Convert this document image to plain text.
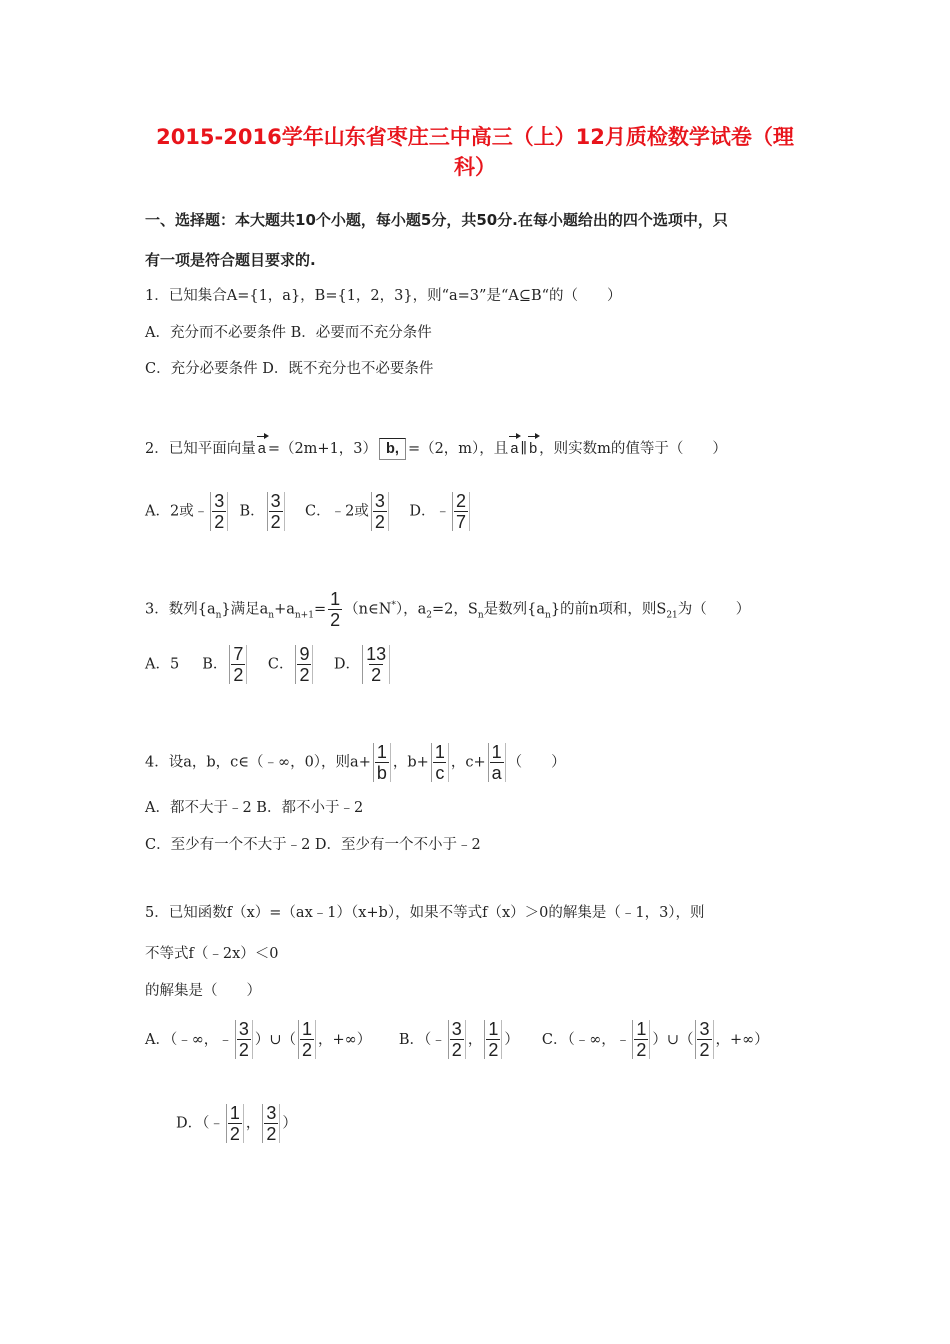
2015-2016学年山东省枣庄三中高三（上）12月质检数学试卷（理
科）
一、选择题：本大题共10个小题，每小题5分，共50分.在每小题给出的四个选项中，只
有一项是符合题目要求的.
1．已知集合A={1，a}，B={1，2，3}，则“a=3”是“A⊆B“的（　　）
A．充分而不必要条件 B．必要而不充分条件
C．充分必要条件 D．既不充分也不必要条件
2．已知平面向量 a =（2m+1，3） b, =（2，m），且 a ∥ b ，则实数m的值等于（　　）
A．2或﹣ $\frac{3}{2}$ B． $\frac{3}{2}$ C．﹣2或 $\frac{3}{2}$ D．﹣ $\frac{2}{7}$
3．数列$\{a_n\}$满足$a_n+a_{n+1}= \frac{1}{2}$ （n∈N*），$a_2=2$，$S_n$是数列$\{a_n\}$的前n项和，则$S_{21}$为（　　）
A．5 B． $\frac{7}{2}$ C． $\frac{9}{2}$ D． $\frac{13}{2}$
4．设a，b，c∈（﹣∞，0），则$a+ \frac{1}{b}$ ，$b+ \frac{1}{c}$ ，$c+ \frac{1}{a}$ （　　）
A．都不大于﹣2 B．都不小于﹣2
C．至少有一个不大于﹣2 D．至少有一个不小于﹣2
5．已知函数f（x）=（ax﹣1）（x+b），如果不等式f（x）＞0的解集是（﹣1，3），则
不等式f（﹣2x）＜0
的解集是（　　）
A．（﹣∞，﹣ $\frac{3}{2}$ ）∪（ $\frac{1}{2}$ ，+∞） B．（﹣ $\frac{3}{2}$ ， $\frac{1}{2}$ ） C．（﹣∞，﹣ $\frac{1}{2}$ ）∪（ $\frac{3}{2}$ ，+∞）
D．（﹣ $\frac{1}{2}$ ， $\frac{3}{2}$ ）
